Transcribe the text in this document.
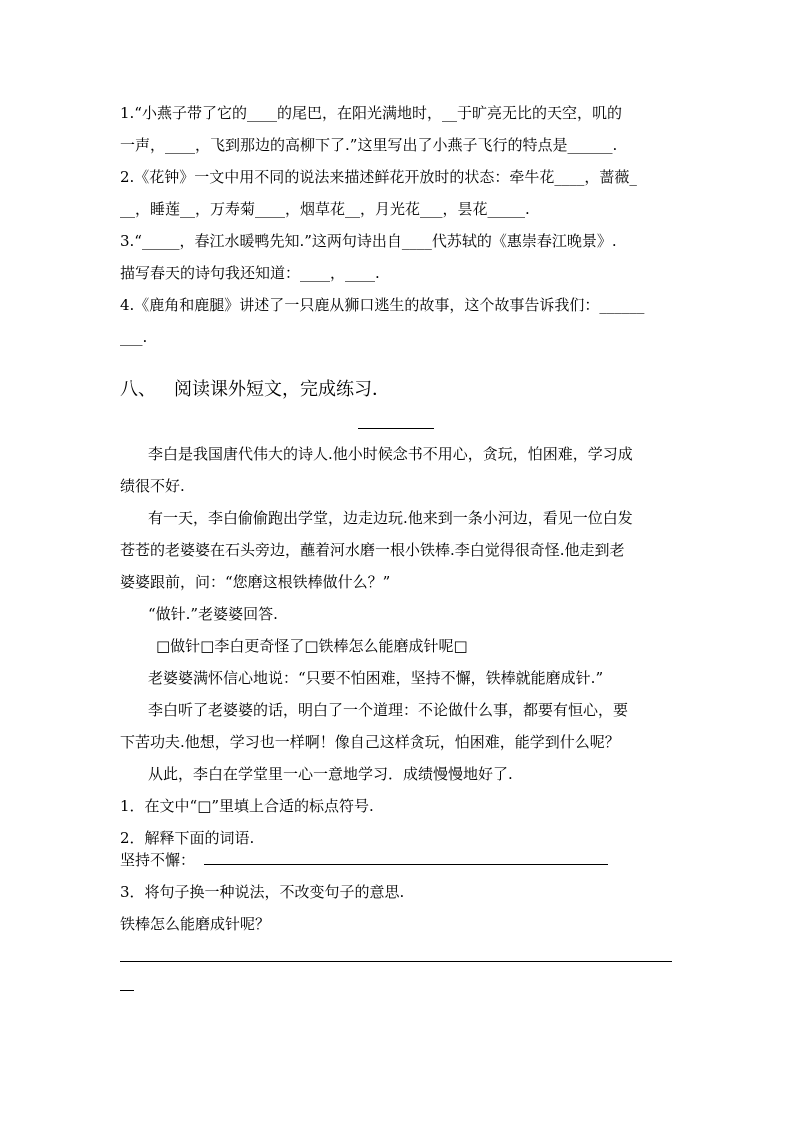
1.“小燕子带了它的____的尾巴，在阳光满地时，__于旷亮无比的天空，叽的
一声，____，飞到那边的高柳下了.”这里写出了小燕子飞行的特点是______.
2.《花钟》一文中用不同的说法来描述鲜花开放时的状态：牵牛花____，蔷薇_
__，睡莲__，万寿菊____，烟草花__，月光花___，昙花_____.
3.“_____，春江水暖鸭先知.”这两句诗出自____代苏轼的《惠崇春江晚景》.
描写春天的诗句我还知道：____，____.
4.《鹿角和鹿腿》讲述了一只鹿从狮口逃生的故事，这个故事告诉我们：______
___.
八、 阅读课外短文，完成练习．
李白是我国唐代伟大的诗人.他小时候念书不用心，贪玩，怕困难，学习成
绩很不好.
有一天，李白偷偷跑出学堂，边走边玩.他来到一条小河边，看见一位白发
苍苍的老婆婆在石头旁边，蘸着河水磨一根小铁棒.李白觉得很奇怪.他走到老
婆婆跟前，问：“您磨这根铁棒做什么？”
“做针.”老婆婆回答.
□做针□李白更奇怪了□铁棒怎么能磨成针呢□
老婆婆满怀信心地说：“只要不怕困难，坚持不懈，铁棒就能磨成针.”
李白听了老婆婆的话，明白了一个道理：不论做什么事，都要有恒心，要
下苦功夫.他想，学习也一样啊！像自己这样贪玩，怕困难，能学到什么呢？
从此，李白在学堂里一心一意地学习．成绩慢慢地好了.
1．在文中“□”里填上合适的标点符号.
2．解释下面的词语.
坚持不懈：
3．将句子换一种说法，不改变句子的意思.
铁棒怎么能磨成针呢？
